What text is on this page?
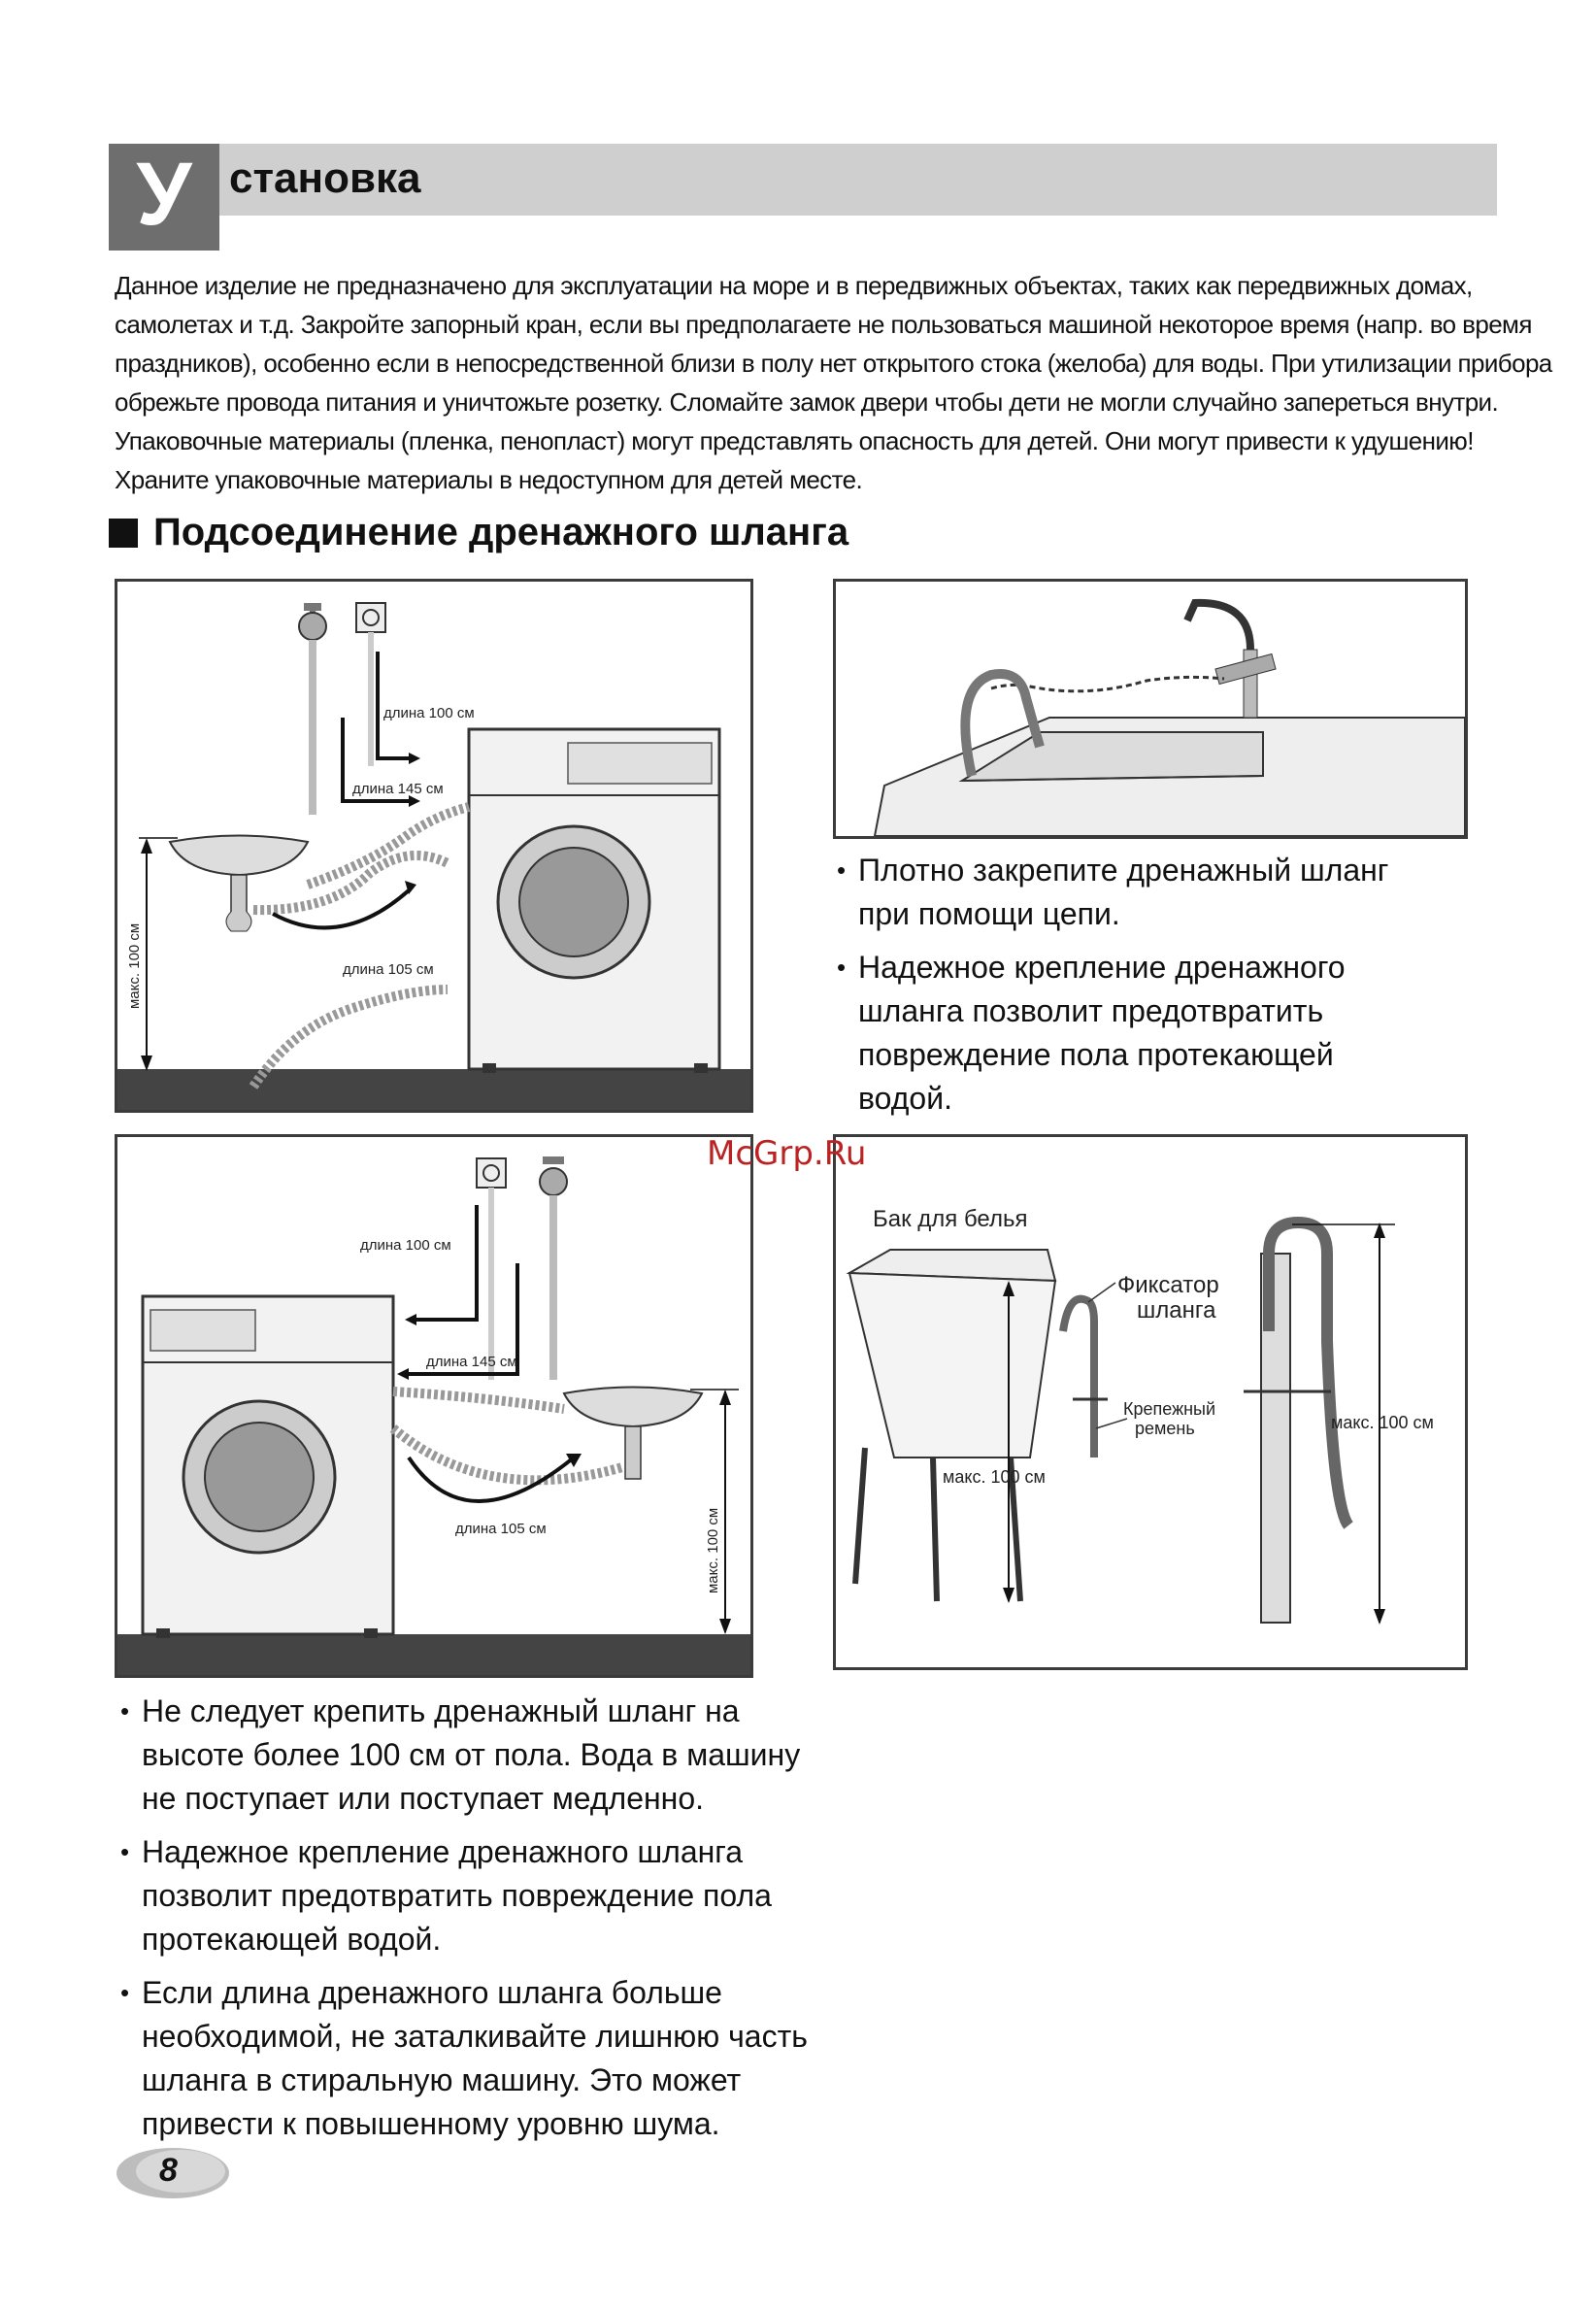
У становка

Данное изделие не предназначено для эксплуатации на море и в передвижных объектах, таких как передвижных домах,

самолетах и т.д. Закройте запорный кран, если вы предполагаете не пользоваться машиной некоторое время (напр. во время

праздников), особенно если в непосредственной близи в полу нет открытого стока (желоба) для воды. При утилизации прибора

обрежьте провода питания и уничтожьте розетку. Сломайте замок двери чтобы дети не могли случайно запереться внутри.

Упаковочные материалы (пленка, пенопласт) могут представлять опасность для детей. Они могут привести к удушению!

Храните упаковочные материалы в недоступном для детей месте.

Подсоединение дренажного шланга
длина 100 см
длина 145 см
длина 105 см
макс. 100 см
длина 100 см
длина 145 см
длина 105 см	макс. 100 см
Бак для белья
макс. 100 см
Фиксатор
шланга
Крепежный
ремень	макс. 100 см
• Плотно закрепите дренажный шланг
при помощи цепи.
• Надежное крепление дренажного
шланга позволит предотвратить
повреждение пола протекающей
водой.
• Не следует крепить дренажный шланг на
высоте более 100 см от пола. Вода в машину
не поступает или поступает медленно.
• Надежное крепление дренажного шланга
позволит предотвратить повреждение пола
протекающей водой.
• Если длина дренажного шланга больше
необходимой, не заталкивайте лишнюю часть
шланга в стиральную машину. Это может
привести к повышенному уровню шума.
McGrp.Ru
8
